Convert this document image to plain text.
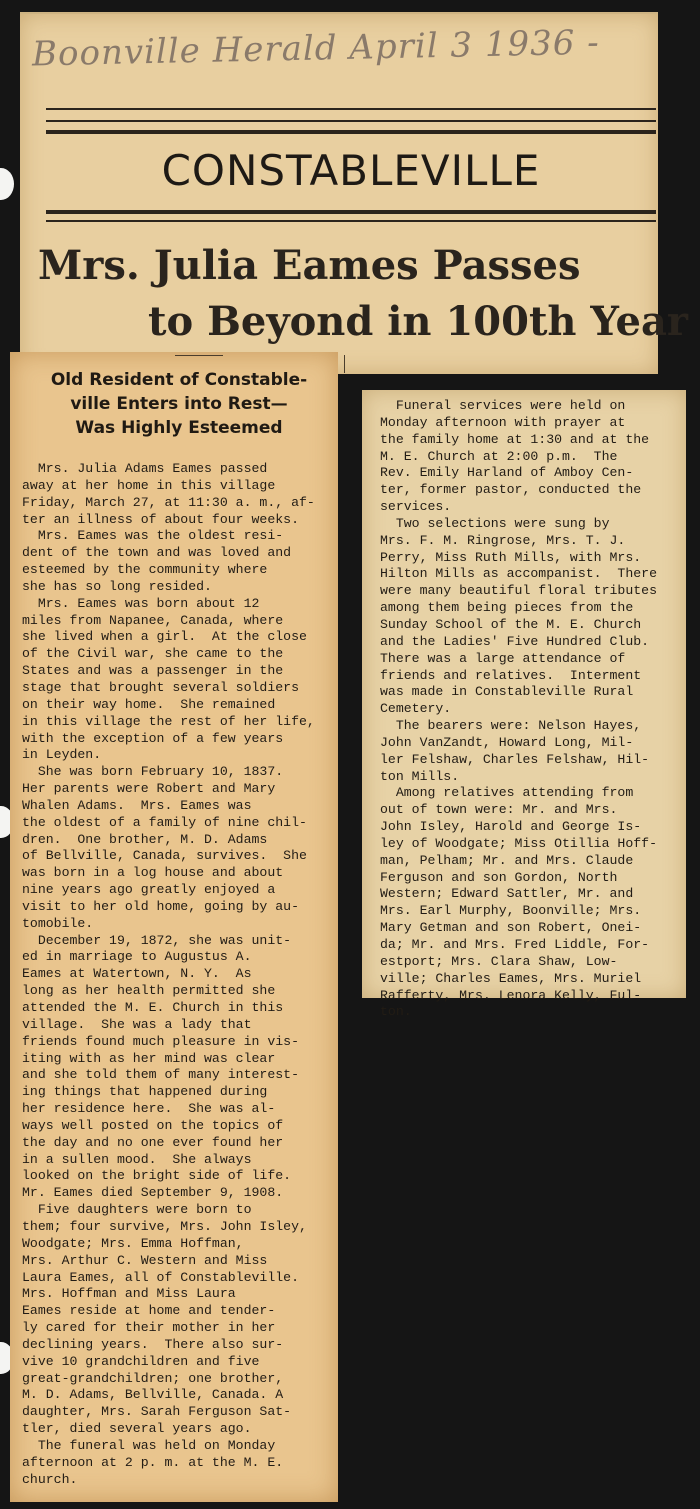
Boonville Herald April 3 1936 -
CONSTABLEVILLE
Mrs. Julia Eames Passes
to Beyond in 100th Year
Old Resident of Constable-
ville Enters into Rest—
Was Highly Esteemed
Mrs. Julia Adams Eames passed
away at her home in this village
Friday, March 27, at 11:30 a. m., af-
ter an illness of about four weeks.
Mrs. Eames was the oldest resi-
dent of the town and was loved and
esteemed by the community where
she has so long resided.
Mrs. Eames was born about 12
miles from Napanee, Canada, where
she lived when a girl.  At the close
of the Civil war, she came to the
States and was a passenger in the
stage that brought several soldiers
on their way home.  She remained
in this village the rest of her life,
with the exception of a few years
in Leyden.
She was born February 10, 1837.
Her parents were Robert and Mary
Whalen Adams.  Mrs. Eames was
the oldest of a family of nine chil-
dren.  One brother, M. D. Adams
of Bellville, Canada, survives.  She
was born in a log house and about
nine years ago greatly enjoyed a
visit to her old home, going by au-
tomobile.
December 19, 1872, she was unit-
ed in marriage to Augustus A.
Eames at Watertown, N. Y.  As
long as her health permitted she
attended the M. E. Church in this
village.  She was a lady that
friends found much pleasure in vis-
iting with as her mind was clear
and she told them of many interest-
ing things that happened during
her residence here.  She was al-
ways well posted on the topics of
the day and no one ever found her
in a sullen mood.  She always
looked on the bright side of life.
Mr. Eames died September 9, 1908.
Five daughters were born to
them; four survive, Mrs. John Isley,
Woodgate; Mrs. Emma Hoffman,
Mrs. Arthur C. Western and Miss
Laura Eames, all of Constableville.
Mrs. Hoffman and Miss Laura
Eames reside at home and tender-
ly cared for their mother in her
declining years.  There also sur-
vive 10 grandchildren and five
great-grandchildren; one brother,
M. D. Adams, Bellville, Canada. A
daughter, Mrs. Sarah Ferguson Sat-
tler, died several years ago.
The funeral was held on Monday
afternoon at 2 p. m. at the M. E.
church.
Funeral services were held on
Monday afternoon with prayer at
the family home at 1:30 and at the
M. E. Church at 2:00 p.m.  The
Rev. Emily Harland of Amboy Cen-
ter, former pastor, conducted the
services.
Two selections were sung by
Mrs. F. M. Ringrose, Mrs. T. J.
Perry, Miss Ruth Mills, with Mrs.
Hilton Mills as accompanist.  There
were many beautiful floral tributes
among them being pieces from the
Sunday School of the M. E. Church
and the Ladies' Five Hundred Club.
There was a large attendance of
friends and relatives.  Interment
was made in Constableville Rural
Cemetery.
The bearers were: Nelson Hayes,
John VanZandt, Howard Long, Mil-
ler Felshaw, Charles Felshaw, Hil-
ton Mills.
Among relatives attending from
out of town were: Mr. and Mrs.
John Isley, Harold and George Is-
ley of Woodgate; Miss Otillia Hoff-
man, Pelham; Mr. and Mrs. Claude
Ferguson and son Gordon, North
Western; Edward Sattler, Mr. and
Mrs. Earl Murphy, Boonville; Mrs.
Mary Getman and son Robert, Onei-
da; Mr. and Mrs. Fred Liddle, For-
estport; Mrs. Clara Shaw, Low-
ville; Charles Eames, Mrs. Muriel
Rafferty, Mrs. Lenora Kelly, Ful-
ton.
